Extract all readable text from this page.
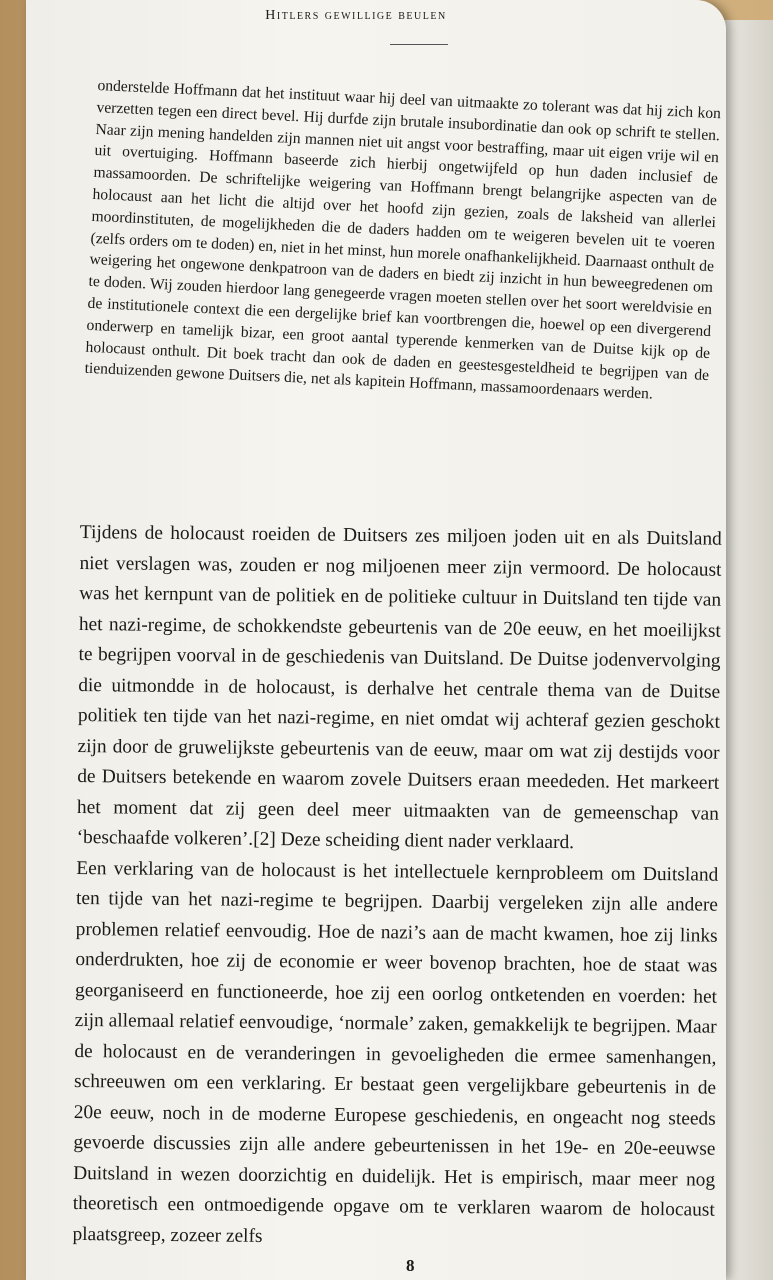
Hitlers gewillige beulen

onderstelde Hoffmann dat het instituut waar hij deel van uitmaakte zo tolerant was dat hij zich kon verzetten tegen een direct bevel. Hij durfde zijn brutale insubordinatie dan ook op schrift te stellen. Naar zijn mening handelden zijn mannen niet uit angst voor bestraffing, maar uit eigen vrije wil en uit overtuiging. Hoffmann baseerde zich hierbij ongetwijfeld op hun daden inclusief de massamoorden. De schriftelijke weigering van Hoffmann brengt belangrijke aspecten van de holocaust aan het licht die altijd over het hoofd zijn gezien, zoals de laksheid van allerlei moordinstituten, de mogelijkheden die de daders hadden om te weigeren bevelen uit te voeren (zelfs orders om te doden) en, niet in het minst, hun morele onafhankelijkheid. Daarnaast onthult de weigering het ongewone denkpatroon van de daders en biedt zij inzicht in hun beweegredenen om te doden. Wij zouden hierdoor lang genegeerde vragen moeten stellen over het soort wereldvisie en de institutionele context die een dergelijke brief kan voortbrengen die, hoewel op een divergerend onderwerp en tamelijk bizar, een groot aantal typerende kenmerken van de Duitse kijk op de holocaust onthult. Dit boek tracht dan ook de daden en geestesgesteldheid te begrijpen van de tienduizenden gewone Duitsers die, net als kapitein Hoffmann, massamoordenaars werden.

Tijdens de holocaust roeiden de Duitsers zes miljoen joden uit en als Duitsland niet verslagen was, zouden er nog miljoenen meer zijn vermoord. De holocaust was het kernpunt van de politiek en de politieke cultuur in Duitsland ten tijde van het nazi-regime, de schokkendste gebeurtenis van de 20e eeuw, en het moeilijkst te begrijpen voorval in de geschiedenis van Duitsland. De Duitse jodenvervolging die uitmondde in de holocaust, is derhalve het centrale thema van de Duitse politiek ten tijde van het nazi-regime, en niet omdat wij achteraf gezien geschokt zijn door de gruwelijkste gebeurtenis van de eeuw, maar om wat zij destijds voor de Duitsers betekende en waarom zovele Duitsers eraan meededen. Het markeert het moment dat zij geen deel meer uitmaakten van de gemeenschap van ‘beschaafde volkeren’.[2] Deze scheiding dient nader verklaard.

Een verklaring van de holocaust is het intellectuele kernprobleem om Duitsland ten tijde van het nazi-regime te begrijpen. Daarbij vergeleken zijn alle andere problemen relatief eenvoudig. Hoe de nazi’s aan de macht kwamen, hoe zij links onderdrukten, hoe zij de economie er weer bovenop brachten, hoe de staat was georganiseerd en functioneerde, hoe zij een oorlog ontketenden en voerden: het zijn allemaal relatief eenvoudige, ‘normale’ zaken, gemakkelijk te begrijpen. Maar de holocaust en de veranderingen in gevoeligheden die ermee samenhangen, schreeuwen om een verklaring. Er bestaat geen vergelijkbare gebeurtenis in de 20e eeuw, noch in de moderne Europese geschiedenis, en ongeacht nog steeds gevoerde discussies zijn alle andere gebeurtenissen in het 19e- en 20e-eeuwse Duitsland in wezen doorzichtig en duidelijk. Het is empirisch, maar meer nog theoretisch een ontmoedigende opgave om te verklaren waarom de holocaust plaatsgreep, zozeer zelfs

8
